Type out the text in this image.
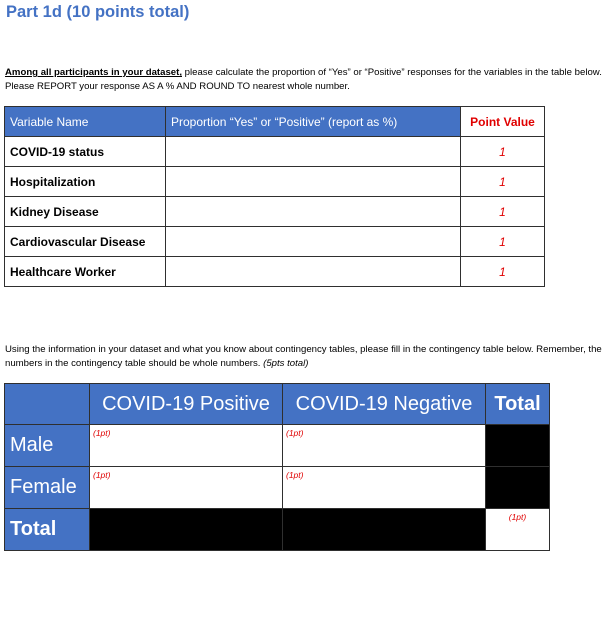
Part 1d (10 points total)
Among all participants in your dataset, please calculate the proportion of “Yes” or “Positive” responses for the variables in the table below. Please REPORT your response AS A % AND ROUND TO nearest whole number.
Variable Name	Proportion “Yes” or “Positive” (report as %)	Point Value
COVID-19 status		1
Hospitalization		1
Kidney Disease		1
Cardiovascular Disease		1
Healthcare Worker		1
Using the information in your dataset and what you know about contingency tables, please fill in the contingency table below. Remember, the numbers in the contingency table should be whole numbers. (5pts total)
	COVID-19 Positive	COVID-19 Negative	Total
Male	(1pt)	(1pt)	

Female	(1pt)	(1pt)	

Total			(1pt)
